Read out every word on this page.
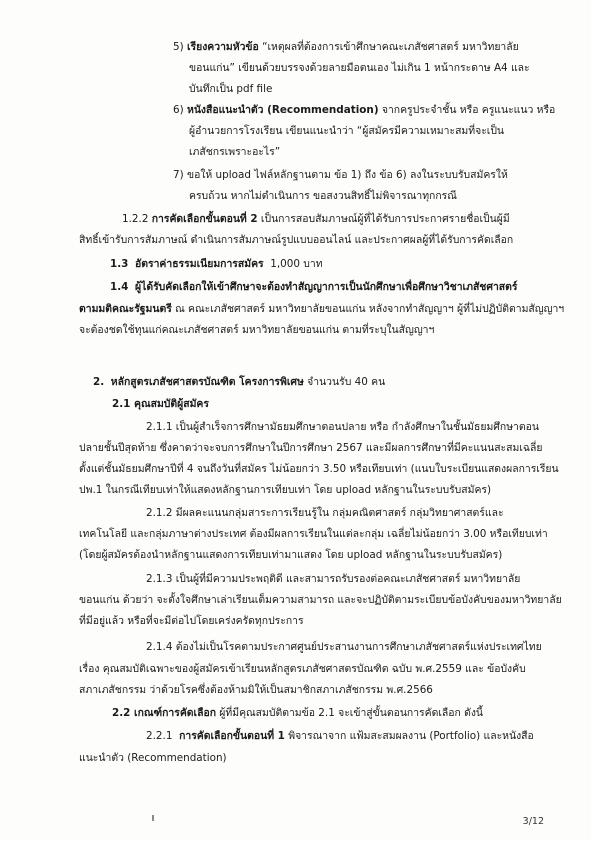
5) เรียงความหัวข้อ “เหตุผลที่ต้องการเข้าศึกษาคณะเภสัชศาสตร์ มหาวิทยาลัย
ขอนแก่น” เขียนด้วยบรรจงด้วยลายมือตนเอง ไม่เกิน 1 หน้ากระดาษ A4 และ
บันทึกเป็น pdf file
6) หนังสือแนะนำตัว (Recommendation) จากครูประจำชั้น หรือ ครูแนะแนว หรือ
ผู้อำนวยการโรงเรียน เขียนแนะนำว่า “ผู้สมัครมีความเหมาะสมที่จะเป็น
เภสัชกรเพราะอะไร”
7) ขอให้ upload ไฟล์หลักฐานตาม ข้อ 1) ถึง ข้อ 6) ลงในระบบรับสมัครให้
ครบถ้วน หากไม่ดำเนินการ ขอสงวนสิทธิ์ไม่พิจารณาทุกกรณี
1.2.2 การคัดเลือกขั้นตอนที่ 2 เป็นการสอบสัมภาษณ์ผู้ที่ได้รับการประกาศรายชื่อเป็นผู้มี
สิทธิ์เข้ารับการสัมภาษณ์ ดำเนินการสัมภาษณ์รูปแบบออนไลน์ และประกาศผลผู้ที่ได้รับการคัดเลือก
1.3 อัตราค่าธรรมเนียมการสมัคร 1,000 บาท
1.4 ผู้ได้รับคัดเลือกให้เข้าศึกษาจะต้องทำสัญญาการเป็นนักศึกษาเพื่อศึกษาวิชาเภสัชศาสตร์
ตามมติคณะรัฐมนตรี ณ คณะเภสัชศาสตร์ มหาวิทยาลัยขอนแก่น หลังจากทำสัญญาฯ ผู้ที่ไม่ปฏิบัติตามสัญญาฯ
จะต้องชดใช้ทุนแก่คณะเภสัชศาสตร์ มหาวิทยาลัยขอนแก่น ตามที่ระบุในสัญญาฯ
2. หลักสูตรเภสัชศาสตรบัณฑิต โครงการพิเศษ จำนวนรับ 40 คน
2.1 คุณสมบัติผู้สมัคร
2.1.1 เป็นผู้สำเร็จการศึกษามัธยมศึกษาตอนปลาย หรือ กำลังศึกษาในชั้นมัธยมศึกษาตอน
ปลายชั้นปีสุดท้าย ซึ่งคาดว่าจะจบการศึกษาในปีการศึกษา 2567 และมีผลการศึกษาที่มีคะแนนสะสมเฉลี่ย
ตั้งแต่ชั้นมัธยมศึกษาปีที่ 4 จนถึงวันที่สมัคร ไม่น้อยกว่า 3.50 หรือเทียบเท่า (แนบใบระเบียนแสดงผลการเรียน
ปพ.1 ในกรณีเทียบเท่าให้แสดงหลักฐานการเทียบเท่า โดย upload หลักฐานในระบบรับสมัคร)
2.1.2 มีผลคะแนนกลุ่มสาระการเรียนรู้ใน กลุ่มคณิตศาสตร์ กลุ่มวิทยาศาสตร์และ
เทคโนโลยี และกลุ่มภาษาต่างประเทศ ต้องมีผลการเรียนในแต่ละกลุ่ม เฉลี่ยไม่น้อยกว่า 3.00 หรือเทียบเท่า
(โดยผู้สมัครต้องนำหลักฐานแสดงการเทียบเท่ามาแสดง โดย upload หลักฐานในระบบรับสมัคร)
2.1.3 เป็นผู้ที่มีความประพฤติดี และสามารถรับรองต่อคณะเภสัชศาสตร์ มหาวิทยาลัย
ขอนแก่น ด้วยว่า จะตั้งใจศึกษาเล่าเรียนเต็มความสามารถ และจะปฏิบัติตามระเบียบข้อบังคับของมหาวิทยาลัย
ที่มีอยู่แล้ว หรือที่จะมีต่อไปโดยเคร่งครัดทุกประการ
2.1.4 ต้องไม่เป็นโรคตามประกาศศูนย์ประสานงานการศึกษาเภสัชศาสตร์แห่งประเทศไทย
เรื่อง คุณสมบัติเฉพาะของผู้สมัครเข้าเรียนหลักสูตรเภสัชศาสตรบัณฑิต ฉบับ พ.ศ.2559 และ ข้อบังคับ
สภาเภสัชกรรม ว่าด้วยโรคซึ่งต้องห้ามมิให้เป็นสมาชิกสภาเภสัชกรรม พ.ศ.2566
2.2 เกณฑ์การคัดเลือก ผู้ที่มีคุณสมบัติตามข้อ 2.1 จะเข้าสู่ขั้นตอนการคัดเลือก ดังนี้
2.2.1 การคัดเลือกขั้นตอนที่ 1 พิจารณาจาก แฟ้มสะสมผลงาน (Portfolio) และหนังสือ
แนะนำตัว (Recommendation)
3/12
